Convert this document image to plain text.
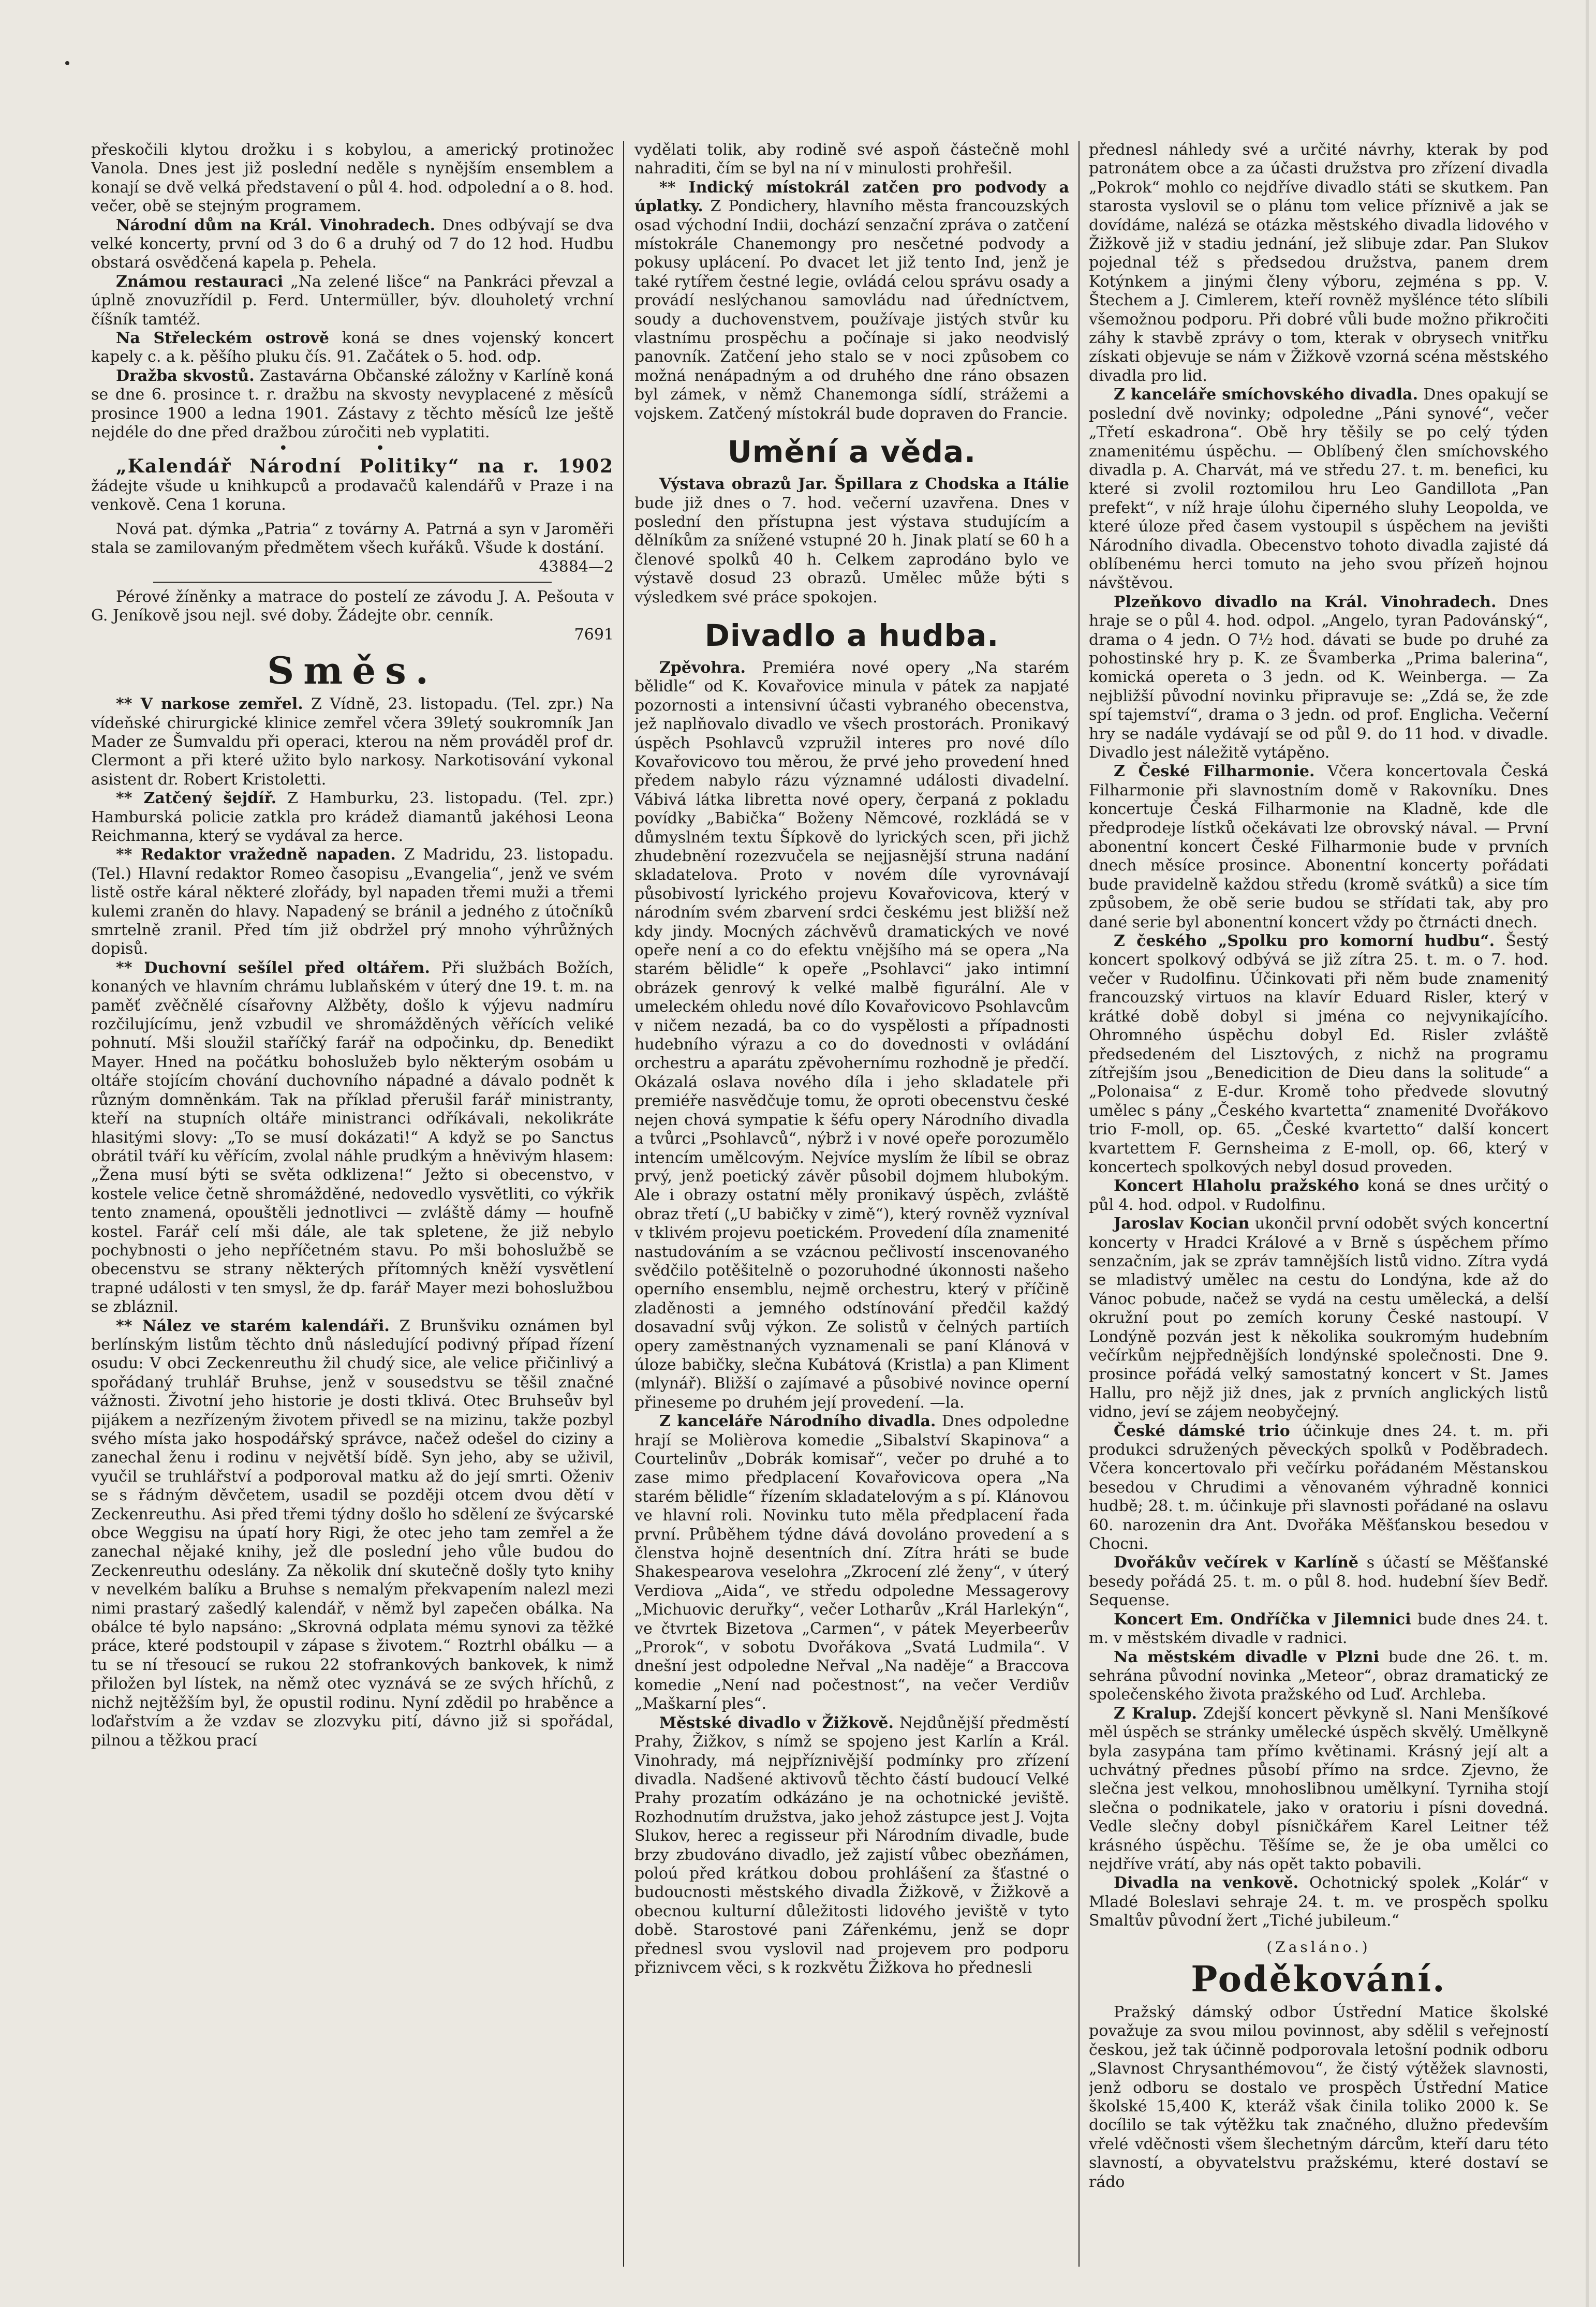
přeskočili klytou drožku i s kobylou, a americký protinožec Vanola. Dnes jest již poslední neděle s nynějším ensemblem a konají se dvě velká představení o půl 4. hod. odpolední a o 8. hod. večer, obě se stejným programem.

Národní dům na Král. Vinohradech. Dnes odbývají se dva velké koncerty, první od 3 do 6 a druhý od 7 do 12 hod. Hudbu obstará osvědčená kapela p. Pehela.

Známou restauraci „Na zelené lišce“ na Pankráci převzal a úplně znovuzřídil p. Ferd. Untermüller, býv. dlouholetý vrchní číšník tamtéž.

Na Střeleckém ostrově koná se dnes vojenský koncert kapely c. a k. pěšího pluku čís. 91. Začátek o 5. hod. odp.

Dražba skvostů. Zastavárna Občanské záložny v Karlíně koná se dne 6. prosince t. r. dražbu na skvosty nevyplacené z měsíců prosince 1900 a ledna 1901. Zástavy z těchto měsíců lze ještě nejdéle do dne před dražbou zúročiti neb vyplatiti.

• •

„Kalendář Národní Politiky“ na r. 1902 žádejte všude u knihkupců a prodavačů kalendářů v Praze i na venkově. Cena 1 koruna.

Nová pat. dýmka „Patria“ z továrny A. Patrná a syn v Jaroměři stala se zamilovaným předmětem všech kuřáků. Všude k dostání.

43884—2

Pérové žíněnky a matrace do postelí ze závodu J. A. Pešouta v G. Jeníkově jsou nejl. své doby. Žádejte obr. cenník.

7691
Směs.

** V narkose zemřel. Z Vídně, 23. listopadu. (Tel. zpr.) Na vídeňské chirurgické klinice zemřel včera 39letý soukromník Jan Mader ze Šumvaldu při operaci, kterou na něm prováděl prof dr. Clermont a při které užito bylo narkosy. Narkotisování vykonal asistent dr. Robert Kristoletti.

** Zatčený šejdíř. Z Hamburku, 23. listopadu. (Tel. zpr.) Hamburská policie zatkla pro krádež diamantů jakéhosi Leona Reichmanna, který se vydával za herce.

** Redaktor vražedně napaden. Z Madridu, 23. listopadu. (Tel.) Hlavní redaktor Romeo časopisu „Evangelia“, jenž ve svém listě ostře káral některé zlořády, byl napaden třemi muži a třemi kulemi zraněn do hlavy. Napadený se bránil a jedného z útočníků smrtelně zranil. Před tím již obdržel prý mnoho výhrůžných dopisů.

** Duchovní sešílel před oltářem. Při službách Božích, konaných ve hlavním chrámu lublaňském v úterý dne 19. t. m. na paměť zvěčnělé císařovny Alžběty, došlo k výjevu nadmíru rozčilujícímu, jenž vzbudil ve shromážděných věřících veliké pohnutí. Mši sloužil staříčký farář na odpočinku, dp. Benedikt Mayer. Hned na počátku bohoslužeb bylo některým osobám u oltáře stojícím chování duchovního nápadné a dávalo podnět k různým domněnkám. Tak na příklad přerušil farář ministranty, kteří na stupních oltáře ministranci odříkávali, nekolikráte hlasitými slovy: „To se musí dokázati!“ A když se po Sanctus obrátil tváří ku věřícím, zvolal náhle prudkým a hněvivým hlasem: „Žena musí býti se světa odklizena!“ Ježto si obecenstvo, v kostele velice četně shromážděné, nedovedlo vysvětliti, co výkřik tento znamená, opouštěli jednotlivci — zvláště dámy — houfně kostel. Farář celí mši dále, ale tak spletene, že již nebylo pochybnosti o jeho nepříčetném stavu. Po mši bohoslužbě se obecenstvu se strany některých přítomných kněží vysvětlení trapné události v ten smysl, že dp. farář Mayer mezi bohoslužbou se zbláznil.

** Nález ve starém kalendáři. Z Brunšviku oznámen byl berlínským listům těchto dnů následující podivný případ řízení osudu: V obci Zeckenreuthu žil chudý sice, ale velice přičinlivý a spořádaný truhlář Bruhse, jenž v sousedstvu se těšil značné vážnosti. Životní jeho historie je dosti tklivá. Otec Bruhseův byl pijákem a nezřízeným životem přivedl se na mizinu, takže pozbyl svého místa jako hospodářský správce, načež odešel do ciziny a zanechal ženu i rodinu v největší bídě. Syn jeho, aby se uživil, vyučil se truhlářství a podporoval matku až do její smrti. Oženiv se s řádným děvčetem, usadil se později otcem dvou dětí v Zeckenreuthu. Asi před třemi týdny došlo ho sdělení ze švýcarské obce Weggisu na úpatí hory Rigi, že otec jeho tam zemřel a že zanechal nějaké knihy, jež dle poslední jeho vůle budou do Zeckenreuthu odeslány. Za několik dní skutečně došly tyto knihy v nevelkém balíku a Bruhse s nemalým překvapením nalezl mezi nimi prastarý zašedlý kalendář, v němž byl zapečen obálka. Na obálce té bylo napsáno: „Skrovná odplata mému synovi za těžké práce, které podstoupil v zápase s životem.“ Roztrhl obálku — a tu se ní třesoucí se rukou 22 stofrankových bankovek, k nimž přiložen byl lístek, na němž otec vyznává se ze svých hříchů, z nichž nejtěžším byl, že opustil rodinu. Nyní zdědil po hraběnce a loďařstvím a že vzdav se zlozvyku pití, dávno již si spořádal, pilnou a těžkou prací

vydělati tolik, aby rodině své aspoň částečně mohl nahraditi, čím se byl na ní v minulosti prohřešil.

** Indický místokrál zatčen pro podvody a úplatky. Z Pondichery, hlavního města francouzských osad východní Indii, dochází senzační zpráva o zatčení místokrále Chanemongy pro nesčetné podvody a pokusy uplácení. Po dvacet let již tento Ind, jenž je také rytířem čestné legie, ovládá celou správu osady a provádí neslýchanou samovládu nad úředníctvem, soudy a duchovenstvem, používaje jistých stvůr ku vlastnímu prospěchu a počínaje si jako neodvislý panovník. Zatčení jeho stalo se v noci způsobem co možná nenápadným a od druhého dne ráno obsazen byl zámek, v němž Chanemonga sídlí, strážemi a vojskem. Zatčený místokrál bude dopraven do Francie.

Umění a věda.

Výstava obrazů Jar. Špillara z Chodska a Itálie bude již dnes o 7. hod. večerní uzavřena. Dnes v poslední den přístupna jest výstava studujícím a dělníkům za snížené vstupné 20 h. Jinak platí se 60 h a členové spolků 40 h. Celkem zaprodáno bylo ve výstavě dosud 23 obrazů. Umělec může býti s výsledkem své práce spokojen.

Divadlo a hudba.

Zpěvohra. Premiéra nové opery „Na starém bělidle“ od K. Kovařovice minula v pátek za napjaté pozornosti a intensivní účasti vybraného obecenstva, jež naplňovalo divadlo ve všech prostorách. Pronikavý úspěch Psohlavců vzpružil interes pro nové dílo Kovařovicovo tou měrou, že prvé jeho provedení hned předem nabylo rázu významné události divadelní. Vábivá látka libretta nové opery, čerpaná z pokladu povídky „Babička“ Boženy Němcové, rozkládá se v důmyslném textu Šípkově do lyrických scen, při jichž zhudebnění rozezvučela se nejjasnější struna nadání skladatelova. Proto v novém díle vyrovnávají působivostí lyrického projevu Kovařovicova, který v národním svém zbarvení srdci českému jest bližší než kdy jindy. Mocných záchvěvů dramatických ve nové opeře není a co do efektu vnějšího má se opera „Na starém bělidle“ k opeře „Psohlavci“ jako intimní obrázek genrový k velké malbě figurální. Ale v umeleckém ohledu nové dílo Kovařovicovo Psohlavcům v ničem nezadá, ba co do vyspělosti a případnosti hudebního výrazu a co do dovednosti v ovládání orchestru a aparátu zpěvohernímu rozhodně je předčí. Okázalá oslava nového díla i jeho skladatele při premiéře nasvědčuje tomu, že oproti obecenstvu české nejen chová sympatie k šéfu opery Národního divadla a tvůrci „Psohlavců“, nýbrž i v nové opeře porozumělo intencím umělcovým. Nejvíce myslím že líbil se obraz prvý, jenž poetický závěr působil dojmem hlubokým. Ale i obrazy ostatní měly pronikavý úspěch, zvláště obraz třetí („U babičky v zimě“), který rovněž vyzníval v tklivém projevu poetickém. Provedení díla znamenité nastudováním a se vzácnou pečlivostí inscenovaného svědčilo potěšitelně o pozoruhodné úkonnosti našeho operního ensemblu, nejmě orchestru, který v příčině zladěnosti a jemného odstínování předčil každý dosavadní svůj výkon. Ze solistů v čelných partiích opery zaměstnaných vyznamenali se paní Klánová v úloze babičky, slečna Kubátová (Kristla) a pan Kliment (mlynář). Bližší o zajímavé a působivé novince operní přineseme po druhém její provedení. —la.

Z kanceláře Národního divadla. Dnes odpoledne hrají se Molièrova komedie „Sibalství Skapinova“ a Courtelinův „Dobrák komisař“, večer po druhé a to zase mimo předplacení Kovařovicova opera „Na starém bělidle“ řízením skladatelovým a s pí. Klánovou ve hlavní roli. Novinku tuto měla předplacení řada první. Průběhem týdne dává dovoláno provedení a s členstva hojně desentních dní. Zítra hráti se bude Shakespearova veselohra „Zkrocení zlé ženy“, v úterý Verdiova „Aida“, ve středu odpoledne Messagerovy „Michuovic deruřky“, večer Lotharův „Král Harlekýn“, ve čtvrtek Bizetova „Carmen“, v pátek Meyerbeerův „Prorok“, v sobotu Dvořákova „Svatá Ludmila“. V dnešní jest odpoledne Neřval „Na naděje“ a Braccova komedie „Není nad počestnost“, na večer Verdiův „Maškarní ples“.

Městské divadlo v Žižkově. Nejdůnější předměstí Prahy, Žižkov, s nímž se spojeno jest Karlín a Král. Vinohrady, má nejpříznivější podmínky pro zřízení divadla. Nadšené aktivovů těchto částí budoucí Velké Prahy prozatím odkázáno je na ochotnické jeviště. Rozhodnutím družstva, jako jehož zástupce jest J. Vojta Slukov, herec a regisseur při Národním divadle, bude brzy zbudováno divadlo, jež zajistí vůbec obezňámen, poloú před krátkou dobou prohlášení za šťastné o budoucnosti městského divadla Žižkově, v Žižkově a obecnou kulturní důležitosti lidového jeviště v tyto době. Starostové pani Zářenkému, jenž se dopr přednesl svou vyslovil nad projevem pro podporu přiznivcem věci, s k rozkvětu Žižkova ho přednesli

přednesl náhledy své a určité návrhy, kterak by pod patronátem obce a za účasti družstva pro zřízení divadla „Pokrok“ mohlo co nejdříve divadlo státi se skutkem. Pan starosta vyslovil se o plánu tom velice příznivě a jak se dovídáme, nalézá se otázka městského divadla lidového v Žižkově již v stadiu jednání, jež slibuje zdar. Pan Slukov pojednal též s předsedou družstva, panem drem Kotýnkem a jinými členy výboru, zejména s pp. V. Štechem a J. Cimlerem, kteří rovněž myšlénce této slíbili všemožnou podporu. Při dobré vůli bude možno přikročiti záhy k stavbě zprávy o tom, kterak v obrysech vnitřku získati objevuje se nám v Žižkově vzorná scéna městského divadla pro lid.

Z kanceláře smíchovského divadla. Dnes opakují se poslední dvě novinky; odpoledne „Páni synové“, večer „Třetí eskadrona“. Obě hry těšily se po celý týden znamenitému úspěchu. — Oblíbený člen smíchovského divadla p. A. Charvát, má ve středu 27. t. m. benefici, ku které si zvolil roztomilou hru Leo Gandillota „Pan prefekt“, v níž hraje úlohu čiperného sluhy Leopolda, ve které úloze před časem vystoupil s úspěchem na jevišti Národního divadla. Obecenstvo tohoto divadla zajisté dá oblíbenému herci tomuto na jeho svou přízeň hojnou návštěvou.

Plzeňkovo divadlo na Král. Vinohradech. Dnes hraje se o půl 4. hod. odpol. „Angelo, tyran Padovánský“, drama o 4 jedn. O 7½ hod. dávati se bude po druhé za pohostinské hry p. K. ze Švamberka „Prima balerina“, komická opereta o 3 jedn. od K. Weinberga. — Za nejbližší původní novinku připravuje se: „Zdá se, že zde spí tajemství“, drama o 3 jedn. od prof. Englicha. Večerní hry se nadále vydávají se od půl 9. do 11 hod. v divadle. Divadlo jest náležitě vytápěno.

Z České Filharmonie. Včera koncertovala Česká Filharmonie při slavnostním domě v Rakovníku. Dnes koncertuje Česká Filharmonie na Kladně, kde dle předprodeje lístků očekávati lze obrovský nával. — První abonentní koncert České Filharmonie bude v prvních dnech měsíce prosince. Abonentní koncerty pořádati bude pravidelně každou středu (kromě svátků) a sice tím způsobem, že obě serie budou se střídati tak, aby pro dané serie byl abonentní koncert vždy po čtrnácti dnech.

Z českého „Spolku pro komorní hudbu“. Šestý koncert spolkový odbývá se již zítra 25. t. m. o 7. hod. večer v Rudolfinu. Účinkovati při něm bude znamenitý francouzský virtuos na klavír Eduard Risler, který v krátké době dobyl si jména co nejvynikajícího. Ohromného úspěchu dobyl Ed. Risler zvláště předsedeném del Lisztových, z nichž na programu zítřejším jsou „Benedicition de Dieu dans la solitude“ a „Polonaisa“ z E-dur. Kromě toho předvede slovutný umělec s pány „Českého kvartetta“ znamenité Dvořákovo trio F-moll, op. 65. „České kvartetto“ další koncert kvartettem F. Gernsheima z E-moll, op. 66, který v koncertech spolkových nebyl dosud proveden.

Koncert Hlaholu pražského koná se dnes určitý o půl 4. hod. odpol. v Rudolfinu.

Jaroslav Kocian ukončil první odobět svých koncertní koncerty v Hradci Králové a v Brně s úspěchem přímo senzačním, jak se zpráv tamnějších listů vidno. Zítra vydá se mladistvý umělec na cestu do Londýna, kde až do Vánoc pobude, načež se vydá na cestu umělecká, a delší okružní pout po zemích koruny České nastoupí. V Londýně pozván jest k několika soukromým hudebním večírkům nejpřednějších londýnské společnosti. Dne 9. prosince pořádá velký samostatný koncert v St. James Hallu, pro nějž již dnes, jak z prvních anglických listů vidno, jeví se zájem neobyčejný.

České dámské trio účinkuje dnes 24. t. m. při produkci sdružených pěveckých spolků v Poděbradech. Včera koncertovalo při večírku pořádaném Městanskou besedou v Chrudimi a věnovaném výhradně konnici hudbě; 28. t. m. účinkuje při slavnosti pořádané na oslavu 60. narozenin dra Ant. Dvořáka Měšťanskou besedou v Chocni.

Dvořákův večírek v Karlíně s účastí se Měšťanské besedy pořádá 25. t. m. o půl 8. hod. hudební šíev Bedř. Sequense.

Koncert Em. Ondříčka v Jilemnici bude dnes 24. t. m. v městském divadle v radnici.

Na městském divadle v Plzni bude dne 26. t. m. sehrána původní novinka „Meteor“, obraz dramatický ze společenského života pražského od Luď. Archleba.

Z Kralup. Zdejší koncert pěvkyně sl. Nani Menšíkové měl úspěch se stránky umělecké úspěch skvělý. Umělkyně byla zasypána tam přímo květinami. Krásný její alt a uchvátný přednes působí přímo na srdce. Zjevno, že slečna jest velkou, mnohoslibnou umělkyní. Tyrniha stojí slečna o podnikatele, jako v oratoriu i písni dovedná. Vedle slečny dobyl písničkářem Karel Leitner též krásného úspěchu. Těšíme se, že je oba umělci co nejdříve vrátí, aby nás opět takto pobavili.

Divadla na venkově. Ochotnický spolek „Kolár“ v Mladé Boleslavi sehraje 24. t. m. ve prospěch spolku Smaltův původní žert „Tiché jubileum.“

(Zasláno.)
Poděkování.

Pražský dámský odbor Ústřední Matice školské považuje za svou milou povinnost, aby sdělil s veřejností českou, jež tak účinně podporovala letošní podnik odboru „Slavnost Chrysanthémovou“, že čistý výtěžek slavnosti, jenž odboru se dostalo ve prospěch Ústřední Matice školské 15,400 K, kteráž však činila toliko 2000 k. Se docílilo se tak výtěžku tak značného, dlužno především vřelé vděčnosti všem šlechetným dárcům, kteří daru této slavností, a obyvatelstvu pražskému, které dostaví se rádo
